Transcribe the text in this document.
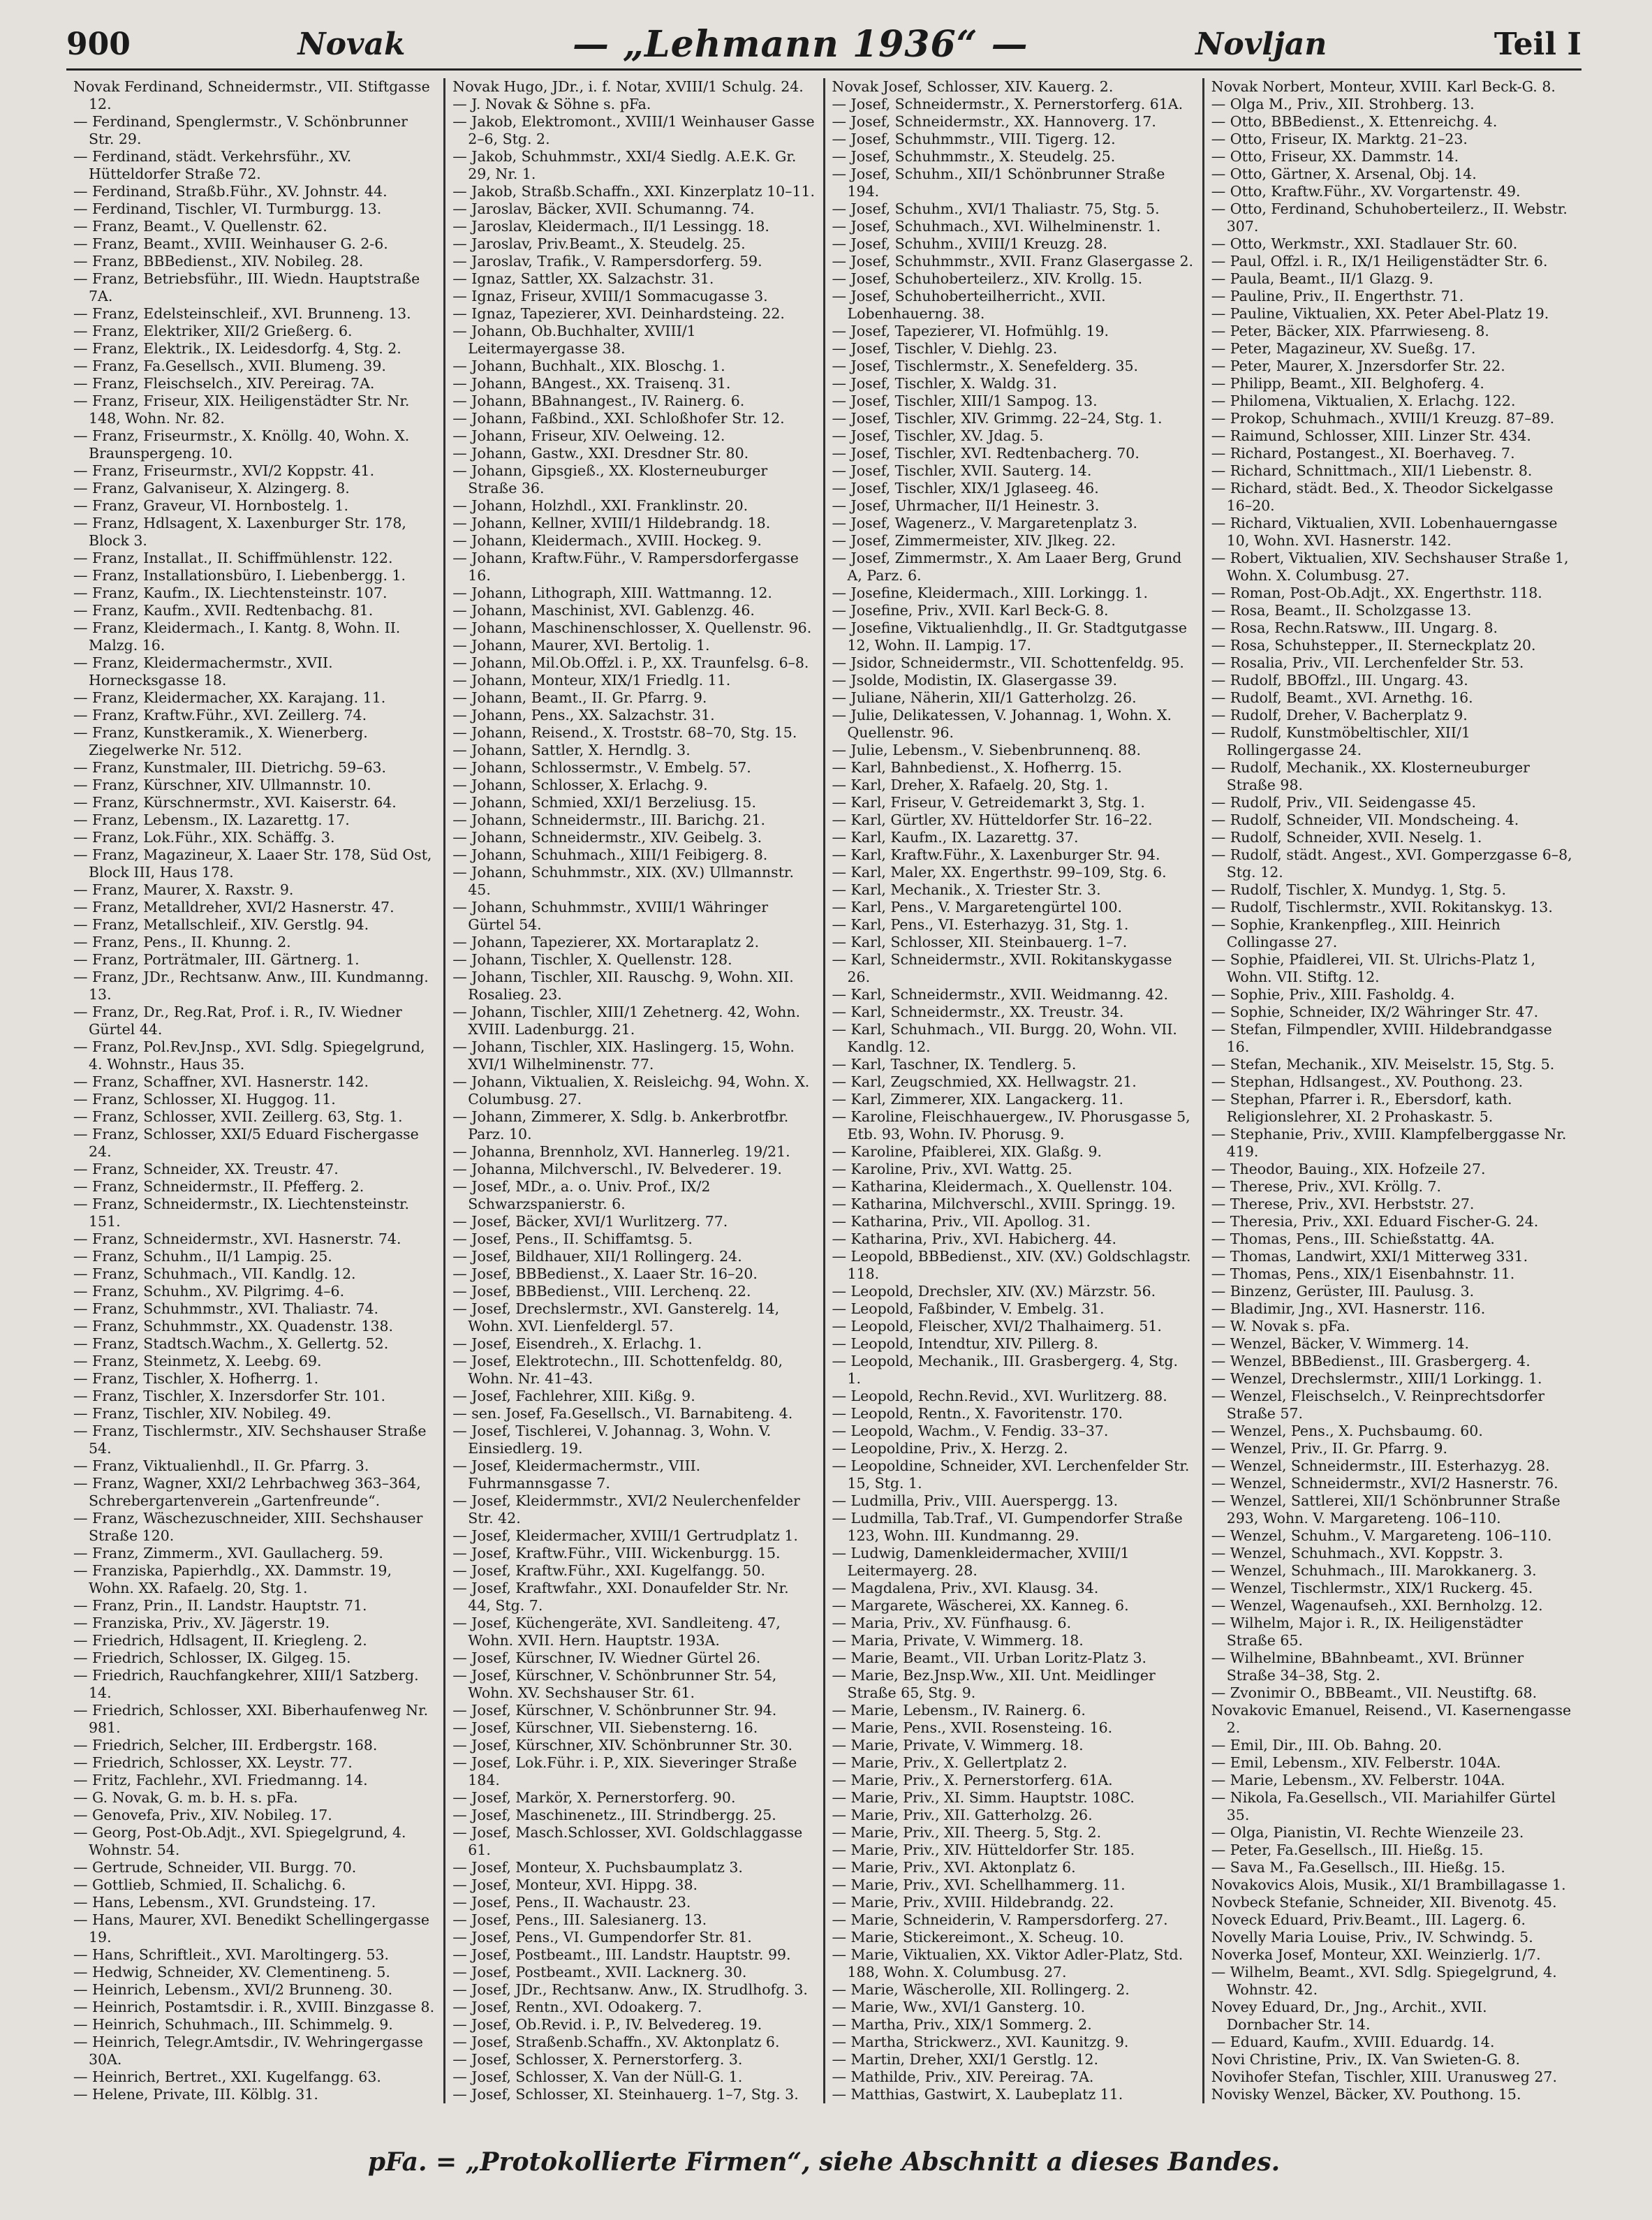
900	Novak	— „Lehmann 1936“ —	Novljan	Teil I
Novak Ferdinand, Schneidermstr., VII. Stiftgasse 12.
— Ferdinand, Spenglermstr., V. Schönbrunner Str. 29.
— Ferdinand, städt. Verkehrsführ., XV. Hütteldorfer Straße 72.
— Ferdinand, Straßb.Führ., XV. Johnstr. 44.
— Ferdinand, Tischler, VI. Turmburgg. 13.
— Franz, Beamt., V. Quellenstr. 62.
— Franz, Beamt., XVIII. Weinhauser G. 2-6.
— Franz, BBBedienst., XIV. Nobileg. 28.
— Franz, Betriebsführ., III. Wiedn. Hauptstraße 7A.
— Franz, Edelsteinschleif., XVI. Brunneng. 13.
— Franz, Elektriker, XII/2 Grießerg. 6.
— Franz, Elektrik., IX. Leidesdorfg. 4, Stg. 2.
— Franz, Fa.Gesellsch., XVII. Blumeng. 39.
— Franz, Fleischselch., XIV. Pereirag. 7A.
— Franz, Friseur, XIX. Heiligenstädter Str. Nr. 148, Wohn. Nr. 82.
— Franz, Friseurmstr., X. Knöllg. 40, Wohn. X. Braunspergeng. 10.
— Franz, Friseurmstr., XVI/2 Koppstr. 41.
— Franz, Galvaniseur, X. Alzingerg. 8.
— Franz, Graveur, VI. Hornbostelg. 1.
— Franz, Hdlsagent, X. Laxenburger Str. 178, Block 3.
— Franz, Installat., II. Schiffmühlenstr. 122.
— Franz, Installationsbüro, I. Liebenbergg. 1.
— Franz, Kaufm., IX. Liechtensteinstr. 107.
— Franz, Kaufm., XVII. Redtenbachg. 81.
— Franz, Kleidermach., I. Kantg. 8, Wohn. II. Malzg. 16.
— Franz, Kleidermachermstr., XVII. Hornecksgasse 18.
— Franz, Kleidermacher, XX. Karajang. 11.
— Franz, Kraftw.Führ., XVI. Zeillerg. 74.
— Franz, Kunstkeramik., X. Wienerberg. Ziegelwerke Nr. 512.
— Franz, Kunstmaler, III. Dietrichg. 59–63.
— Franz, Kürschner, XIV. Ullmannstr. 10.
— Franz, Kürschnermstr., XVI. Kaiserstr. 64.
— Franz, Lebensm., IX. Lazarettg. 17.
— Franz, Lok.Führ., XIX. Schäffg. 3.
— Franz, Magazineur, X. Laaer Str. 178, Süd Ost, Block III, Haus 178.
— Franz, Maurer, X. Raxstr. 9.
— Franz, Metalldreher, XVI/2 Hasnerstr. 47.
— Franz, Metallschleif., XIV. Gerstlg. 94.
— Franz, Pens., II. Khunng. 2.
— Franz, Porträtmaler, III. Gärtnerg. 1.
— Franz, JDr., Rechtsanw. Anw., III. Kundmanng. 13.
— Franz, Dr., Reg.Rat, Prof. i. R., IV. Wiedner Gürtel 44.
— Franz, Pol.Rev.Jnsp., XVI. Sdlg. Spiegelgrund, 4. Wohnstr., Haus 35.
— Franz, Schaffner, XVI. Hasnerstr. 142.
— Franz, Schlosser, XI. Huggog. 11.
— Franz, Schlosser, XVII. Zeillerg. 63, Stg. 1.
— Franz, Schlosser, XXI/5 Eduard Fischergasse 24.
— Franz, Schneider, XX. Treustr. 47.
— Franz, Schneidermstr., II. Pfefferg. 2.
— Franz, Schneidermstr., IX. Liechtensteinstr. 151.
— Franz, Schneidermstr., XVI. Hasnerstr. 74.
— Franz, Schuhm., II/1 Lampig. 25.
— Franz, Schuhmach., VII. Kandlg. 12.
— Franz, Schuhm., XV. Pilgrimg. 4–6.
— Franz, Schuhmmstr., XVI. Thaliastr. 74.
— Franz, Schuhmmstr., XX. Quadenstr. 138.
— Franz, Stadtsch.Wachm., X. Gellertg. 52.
— Franz, Steinmetz, X. Leebg. 69.
— Franz, Tischler, X. Hofherrg. 1.
— Franz, Tischler, X. Inzersdorfer Str. 101.
— Franz, Tischler, XIV. Nobileg. 49.
— Franz, Tischlermstr., XIV. Sechshauser Straße 54.
— Franz, Viktualienhdl., II. Gr. Pfarrg. 3.
— Franz, Wagner, XXI/2 Lehrbachweg 363–364, Schrebergartenverein „Gartenfreunde“.
— Franz, Wäschezuschneider, XIII. Sechshauser Straße 120.
— Franz, Zimmerm., XVI. Gaullacherg. 59.
— Franziska, Papierhdlg., XX. Dammstr. 19, Wohn. XX. Rafaelg. 20, Stg. 1.
— Franz, Prin., II. Landstr. Hauptstr. 71.
— Franziska, Priv., XV. Jägerstr. 19.
— Friedrich, Hdlsagent, II. Kriegleng. 2.
— Friedrich, Schlosser, IX. Gilgeg. 15.
— Friedrich, Rauchfangkehrer, XIII/1 Satzberg. 14.
— Friedrich, Schlosser, XXI. Biberhaufenweg Nr. 981.
— Friedrich, Selcher, III. Erdbergstr. 168.
— Friedrich, Schlosser, XX. Leystr. 77.
— Fritz, Fachlehr., XVI. Friedmanng. 14.
— G. Novak, G. m. b. H. s. pFa.
— Genovefa, Priv., XIV. Nobileg. 17.
— Georg, Post-Ob.Adjt., XVI. Spiegelgrund, 4. Wohnstr. 54.
— Gertrude, Schneider, VII. Burgg. 70.
— Gottlieb, Schmied, II. Schalichg. 6.
— Hans, Lebensm., XVI. Grundsteing. 17.
— Hans, Maurer, XVI. Benedikt Schellingergasse 19.
— Hans, Schriftleit., XVI. Maroltingerg. 53.
— Hedwig, Schneider, XV. Clementineng. 5.
— Heinrich, Lebensm., XVI/2 Brunneng. 30.
— Heinrich, Postamtsdir. i. R., XVIII. Binzgasse 8.
— Heinrich, Schuhmach., III. Schimmelg. 9.
— Heinrich, Telegr.Amtsdir., IV. Wehringergasse 30A.
— Heinrich, Bertret., XXI. Kugelfangg. 63.
— Helene, Private, III. Kölblg. 31.
Novak Hugo, JDr., i. f. Notar, XVIII/1 Schulg. 24.
— J. Novak & Söhne s. pFa.
— Jakob, Elektromont., XVIII/1 Weinhauser Gasse 2–6, Stg. 2.
— Jakob, Schuhmmstr., XXI/4 Siedlg. A.E.K. Gr. 29, Nr. 1.
— Jakob, Straßb.Schaffn., XXI. Kinzerplatz 10–11.
— Jaroslav, Bäcker, XVII. Schumanng. 74.
— Jaroslav, Kleidermach., II/1 Lessingg. 18.
— Jaroslav, Priv.Beamt., X. Steudelg. 25.
— Jaroslav, Trafik., V. Rampersdorferg. 59.
— Ignaz, Sattler, XX. Salzachstr. 31.
— Ignaz, Friseur, XVIII/1 Sommacugasse 3.
— Ignaz, Tapezierer, XVI. Deinhardsteing. 22.
— Johann, Ob.Buchhalter, XVIII/1 Leitermayergasse 38.
— Johann, Buchhalt., XIX. Bloschg. 1.
— Johann, BAngest., XX. Traisenq. 31.
— Johann, BBahnangest., IV. Rainerg. 6.
— Johann, Faßbind., XXI. Schloßhofer Str. 12.
— Johann, Friseur, XIV. Oelweing. 12.
— Johann, Gastw., XXI. Dresdner Str. 80.
— Johann, Gipsgieß., XX. Klosterneuburger Straße 36.
— Johann, Holzhdl., XXI. Franklinstr. 20.
— Johann, Kellner, XVIII/1 Hildebrandg. 18.
— Johann, Kleidermach., XVIII. Hockeg. 9.
— Johann, Kraftw.Führ., V. Rampersdorfergasse 16.
— Johann, Lithograph, XIII. Wattmanng. 12.
— Johann, Maschinist, XVI. Gablenzg. 46.
— Johann, Maschinenschlosser, X. Quellenstr. 96.
— Johann, Maurer, XVI. Bertolig. 1.
— Johann, Mil.Ob.Offzl. i. P., XX. Traunfelsg. 6–8.
— Johann, Monteur, XIX/1 Friedlg. 11.
— Johann, Beamt., II. Gr. Pfarrg. 9.
— Johann, Pens., XX. Salzachstr. 31.
— Johann, Reisend., X. Troststr. 68–70, Stg. 15.
— Johann, Sattler, X. Herndlg. 3.
— Johann, Schlossermstr., V. Embelg. 57.
— Johann, Schlosser, X. Erlachg. 9.
— Johann, Schmied, XXI/1 Berzeliusg. 15.
— Johann, Schneidermstr., III. Barichg. 21.
— Johann, Schneidermstr., XIV. Geibelg. 3.
— Johann, Schuhmach., XIII/1 Feibigerg. 8.
— Johann, Schuhmmstr., XIX. (XV.) Ullmannstr. 45.
— Johann, Schuhmmstr., XVIII/1 Währinger Gürtel 54.
— Johann, Tapezierer, XX. Mortaraplatz 2.
— Johann, Tischler, X. Quellenstr. 128.
— Johann, Tischler, XII. Rauschg. 9, Wohn. XII. Rosalieg. 23.
— Johann, Tischler, XIII/1 Zehetnerg. 42, Wohn. XVIII. Ladenburgg. 21.
— Johann, Tischler, XIX. Haslingerg. 15, Wohn. XVI/1 Wilhelminenstr. 77.
— Johann, Viktualien, X. Reisleichg. 94, Wohn. X. Columbusg. 27.
— Johann, Zimmerer, X. Sdlg. b. Ankerbrotfbr. Parz. 10.
— Johanna, Brennholz, XVI. Hannerleg. 19/21.
— Johanna, Milchverschl., IV. Belvederег. 19.
— Josef, MDr., a. o. Univ. Prof., IX/2 Schwarzspanierstr. 6.
— Josef, Bäcker, XVI/1 Wurlitzerg. 77.
— Josef, Pens., II. Schiffamtsg. 5.
— Josef, Bildhauer, XII/1 Rollingerg. 24.
— Josef, BBBedienst., X. Laaer Str. 16–20.
— Josef, BBBedienst., VIII. Lerchenq. 22.
— Josef, Drechslermstr., XVI. Gansterelg. 14, Wohn. XVI. Lienfeldergl. 57.
— Josef, Eisendreh., X. Erlachg. 1.
— Josef, Elektrotechn., III. Schottenfeldg. 80, Wohn. Nr. 41–43.
— Josef, Fachlehrer, XIII. Kißg. 9.
— sen. Josef, Fa.Gesellsch., VI. Barnabiteng. 4.
— Josef, Tischlerei, V. Johannag. 3, Wohn. V. Einsiedlerg. 19.
— Josef, Kleidermachermstr., VIII. Fuhrmannsgasse 7.
— Josef, Kleidermmstr., XVI/2 Neulerchenfelder Str. 42.
— Josef, Kleidermacher, XVIII/1 Gertrudplatz 1.
— Josef, Kraftw.Führ., VIII. Wickenburgg. 15.
— Josef, Kraftw.Führ., XXI. Kugelfangg. 50.
— Josef, Kraftwfahr., XXI. Donaufelder Str. Nr. 44, Stg. 7.
— Josef, Küchengeräte, XVI. Sandleiteng. 47, Wohn. XVII. Hern. Hauptstr. 193A.
— Josef, Kürschner, IV. Wiedner Gürtel 26.
— Josef, Kürschner, V. Schönbrunner Str. 54, Wohn. XV. Sechshauser Str. 61.
— Josef, Kürschner, V. Schönbrunner Str. 94.
— Josef, Kürschner, VII. Siebensterng. 16.
— Josef, Kürschner, XIV. Schönbrunner Str. 30.
— Josef, Lok.Führ. i. P., XIX. Sieveringer Straße 184.
— Josef, Markör, X. Pernerstorferg. 90.
— Josef, Maschinenetz., III. Strindbergg. 25.
— Josef, Masch.Schlosser, XVI. Goldschlaggasse 61.
— Josef, Monteur, X. Puchsbaumplatz 3.
— Josef, Monteur, XVI. Hippg. 38.
— Josef, Pens., II. Wachaustr. 23.
— Josef, Pens., III. Salesianerg. 13.
— Josef, Pens., VI. Gumpendorfer Str. 81.
— Josef, Postbeamt., III. Landstr. Hauptstr. 99.
— Josef, Postbeamt., XVII. Lacknerg. 30.
— Josef, JDr., Rechtsanw. Anw., IX. Strudlhofg. 3.
— Josef, Rentn., XVI. Odoakerg. 7.
— Josef, Ob.Revid. i. P., IV. Belvedereg. 19.
— Josef, Straßenb.Schaffn., XV. Aktonplatz 6.
— Josef, Schlosser, X. Pernerstorferg. 3.
— Josef, Schlosser, X. Van der Nüll-G. 1.
— Josef, Schlosser, XI. Steinhauerg. 1–7, Stg. 3.
Novak Josef, Schlosser, XIV. Kauerg. 2.
— Josef, Schneidermstr., X. Pernerstorferg. 61A.
— Josef, Schneidermstr., XX. Hannoverg. 17.
— Josef, Schuhmmstr., VIII. Tigerg. 12.
— Josef, Schuhmmstr., X. Steudelg. 25.
— Josef, Schuhm., XII/1 Schönbrunner Straße 194.
— Josef, Schuhm., XVI/1 Thaliastr. 75, Stg. 5.
— Josef, Schuhmach., XVI. Wilhelminenstr. 1.
— Josef, Schuhm., XVIII/1 Kreuzg. 28.
— Josef, Schuhmmstr., XVII. Franz Glasergasse 2.
— Josef, Schuhoberteilerz., XIV. Krollg. 15.
— Josef, Schuhoberteilherricht., XVII. Lobenhauerng. 38.
— Josef, Tapezierer, VI. Hofmühlg. 19.
— Josef, Tischler, V. Diehlg. 23.
— Josef, Tischlermstr., X. Senefelderg. 35.
— Josef, Tischler, X. Waldg. 31.
— Josef, Tischler, XIII/1 Sampog. 13.
— Josef, Tischler, XIV. Grimmg. 22–24, Stg. 1.
— Josef, Tischler, XV. Jdag. 5.
— Josef, Tischler, XVI. Redtenbacherg. 70.
— Josef, Tischler, XVII. Sauterg. 14.
— Josef, Tischler, XIX/1 Jglaseeg. 46.
— Josef, Uhrmacher, II/1 Heinestr. 3.
— Josef, Wagenerz., V. Margaretenplatz 3.
— Josef, Zimmermeister, XIV. Jlkeg. 22.
— Josef, Zimmermstr., X. Am Laaer Berg, Grund A, Parz. 6.
— Josefine, Kleidermach., XIII. Lorkingg. 1.
— Josefine, Priv., XVII. Karl Beck-G. 8.
— Josefine, Viktualienhdlg., II. Gr. Stadtgutgasse 12, Wohn. II. Lampig. 17.
— Jsidor, Schneidermstr., VII. Schottenfeldg. 95.
— Jsolde, Modistin, IX. Glasergasse 39.
— Juliane, Näherin, XII/1 Gatterholzg. 26.
— Julie, Delikatessen, V. Johannag. 1, Wohn. X. Quellenstr. 96.
— Julie, Lebensm., V. Siebenbrunnenq. 88.
— Karl, Bahnbedienst., X. Hofherrg. 15.
— Karl, Dreher, X. Rafaelg. 20, Stg. 1.
— Karl, Friseur, V. Getreidemarkt 3, Stg. 1.
— Karl, Gürtler, XV. Hütteldorfer Str. 16–22.
— Karl, Kaufm., IX. Lazarettg. 37.
— Karl, Kraftw.Führ., X. Laxenburger Str. 94.
— Karl, Maler, XX. Engerthstr. 99–109, Stg. 6.
— Karl, Mechanik., X. Triester Str. 3.
— Karl, Pens., V. Margaretengürtel 100.
— Karl, Pens., VI. Esterhazyg. 31, Stg. 1.
— Karl, Schlosser, XII. Steinbauerg. 1–7.
— Karl, Schneidermstr., XVII. Rokitanskygasse 26.
— Karl, Schneidermstr., XVII. Weidmanng. 42.
— Karl, Schneidermstr., XX. Treustr. 34.
— Karl, Schuhmach., VII. Burgg. 20, Wohn. VII. Kandlg. 12.
— Karl, Taschner, IX. Tendlerg. 5.
— Karl, Zeugschmied, XX. Hellwagstr. 21.
— Karl, Zimmerer, XIX. Langackerg. 11.
— Karoline, Fleischhauergew., IV. Phorusgasse 5, Etb. 93, Wohn. IV. Phorusg. 9.
— Karoline, Pfaiblerei, XIX. Glaßg. 9.
— Karoline, Priv., XVI. Wattg. 25.
— Katharina, Kleidermach., X. Quellenstr. 104.
— Katharina, Milchverschl., XVIII. Springg. 19.
— Katharina, Priv., VII. Apollog. 31.
— Katharina, Priv., XVI. Habicherg. 44.
— Leopold, BBBedienst., XIV. (XV.) Goldschlagstr. 118.
— Leopold, Drechsler, XIV. (XV.) Märzstr. 56.
— Leopold, Faßbinder, V. Embelg. 31.
— Leopold, Fleischer, XVI/2 Thalhaimerg. 51.
— Leopold, Intendtur, XIV. Pillerg. 8.
— Leopold, Mechanik., III. Grasbergerg. 4, Stg. 1.
— Leopold, Rechn.Revid., XVI. Wurlitzerg. 88.
— Leopold, Rentn., X. Favoritenstr. 170.
— Leopold, Wachm., V. Fendig. 33–37.
— Leopoldine, Priv., X. Herzg. 2.
— Leopoldine, Schneider, XVI. Lerchenfelder Str. 15, Stg. 1.
— Ludmilla, Priv., VIII. Auerspergg. 13.
— Ludmilla, Tab.Traf., VI. Gumpendorfer Straße 123, Wohn. III. Kundmanng. 29.
— Ludwig, Damenkleidermacher, XVIII/1 Leitermayerg. 28.
— Magdalena, Priv., XVI. Klausg. 34.
— Margarete, Wäscherei, XX. Kanneg. 6.
— Maria, Priv., XV. Fünfhausg. 6.
— Maria, Private, V. Wimmerg. 18.
— Marie, Beamt., VII. Urban Loritz-Platz 3.
— Marie, Bez.Jnsp.Ww., XII. Unt. Meidlinger Straße 65, Stg. 9.
— Marie, Lebensm., IV. Rainerg. 6.
— Marie, Pens., XVII. Rosensteing. 16.
— Marie, Private, V. Wimmerg. 18.
— Marie, Priv., X. Gellertplatz 2.
— Marie, Priv., X. Pernerstorferg. 61A.
— Marie, Priv., XI. Simm. Hauptstr. 108C.
— Marie, Priv., XII. Gatterholzg. 26.
— Marie, Priv., XII. Theerg. 5, Stg. 2.
— Marie, Priv., XIV. Hütteldorfer Str. 185.
— Marie, Priv., XVI. Aktonplatz 6.
— Marie, Priv., XVI. Schellhammerg. 11.
— Marie, Priv., XVIII. Hildebrandg. 22.
— Marie, Schneiderin, V. Rampersdorferg. 27.
— Marie, Stickereimont., X. Scheug. 10.
— Marie, Viktualien, XX. Viktor Adler-Platz, Std. 188, Wohn. X. Columbusg. 27.
— Marie, Wäscherolle, XII. Rollingerg. 2.
— Marie, Ww., XVI/1 Gansterg. 10.
— Martha, Priv., XIX/1 Sommerg. 2.
— Martha, Strickwerz., XVI. Kaunitzg. 9.
— Martin, Dreher, XXI/1 Gerstlg. 12.
— Mathilde, Priv., XIV. Pereirag. 7A.
— Matthias, Gastwirt, X. Laubeplatz 11.
Novak Norbert, Monteur, XVIII. Karl Beck-G. 8.
— Olga M., Priv., XII. Strohberg. 13.
— Otto, BBBedienst., X. Ettenreichg. 4.
— Otto, Friseur, IX. Marktg. 21–23.
— Otto, Friseur, XX. Dammstr. 14.
— Otto, Gärtner, X. Arsenal, Obj. 14.
— Otto, Kraftw.Führ., XV. Vorgartenstr. 49.
— Otto, Ferdinand, Schuhoberteilerz., II. Webstr. 307.
— Otto, Werkmstr., XXI. Stadlauer Str. 60.
— Paul, Offzl. i. R., IX/1 Heiligenstädter Str. 6.
— Paula, Beamt., II/1 Glazg. 9.
— Pauline, Priv., II. Engerthstr. 71.
— Pauline, Viktualien, XX. Peter Abel-Platz 19.
— Peter, Bäcker, XIX. Pfarrwieseng. 8.
— Peter, Magazineur, XV. Sueßg. 17.
— Peter, Maurer, X. Jnzersdorfer Str. 22.
— Philipp, Beamt., XII. Belghoferg. 4.
— Philomena, Viktualien, X. Erlachg. 122.
— Prokop, Schuhmach., XVIII/1 Kreuzg. 87–89.
— Raimund, Schlosser, XIII. Linzer Str. 434.
— Richard, Postangest., XI. Boerhaveg. 7.
— Richard, Schnittmach., XII/1 Liebenstr. 8.
— Richard, städt. Bed., X. Theodor Sickelgasse 16–20.
— Richard, Viktualien, XVII. Lobenhauerngasse 10, Wohn. XVI. Hasnerstr. 142.
— Robert, Viktualien, XIV. Sechshauser Straße 1, Wohn. X. Columbusg. 27.
— Roman, Post-Ob.Adjt., XX. Engerthstr. 118.
— Rosa, Beamt., II. Scholzgasse 13.
— Rosa, Rechn.Ratsww., III. Ungarg. 8.
— Rosa, Schuhstepper., II. Sterneckplatz 20.
— Rosalia, Priv., VII. Lerchenfelder Str. 53.
— Rudolf, BBOffzl., III. Ungarg. 43.
— Rudolf, Beamt., XVI. Arnethg. 16.
— Rudolf, Dreher, V. Bacherplatz 9.
— Rudolf, Kunstmöbeltischler, XII/1 Rollingergasse 24.
— Rudolf, Mechanik., XX. Klosterneuburger Straße 98.
— Rudolf, Priv., VII. Seidengasse 45.
— Rudolf, Schneider, VII. Mondscheing. 4.
— Rudolf, Schneider, XVII. Neselg. 1.
— Rudolf, städt. Angest., XVI. Gomperzgasse 6–8, Stg. 12.
— Rudolf, Tischler, X. Mundyg. 1, Stg. 5.
— Rudolf, Tischlermstr., XVII. Rokitanskyg. 13.
— Sophie, Krankenpfleg., XIII. Heinrich Collingasse 27.
— Sophie, Pfaidlerei, VII. St. Ulrichs-Platz 1, Wohn. VII. Stiftg. 12.
— Sophie, Priv., XIII. Fasholdg. 4.
— Sophie, Schneider, IX/2 Währinger Str. 47.
— Stefan, Filmpendler, XVIII. Hildebrandgasse 16.
— Stefan, Mechanik., XIV. Meiselstr. 15, Stg. 5.
— Stephan, Hdlsangest., XV. Pouthong. 23.
— Stephan, Pfarrer i. R., Ebersdorf, kath. Religionslehrer, XI. 2 Prohaskastr. 5.
— Stephanie, Priv., XVIII. Klampfelberggasse Nr. 419.
— Theodor, Bauing., XIX. Hofzeile 27.
— Therese, Priv., XVI. Kröllg. 7.
— Therese, Priv., XVI. Herbststr. 27.
— Theresia, Priv., XXI. Eduard Fischer-G. 24.
— Thomas, Pens., III. Schießstattg. 4A.
— Thomas, Landwirt, XXI/1 Mitterweg 331.
— Thomas, Pens., XIX/1 Eisenbahnstr. 11.
— Binzenz, Gerüster, III. Paulusg. 3.
— Bladimir, Jng., XVI. Hasnerstr. 116.
— W. Novak s. pFa.
— Wenzel, Bäcker, V. Wimmerg. 14.
— Wenzel, BBBedienst., III. Grasbergerg. 4.
— Wenzel, Drechslermstr., XIII/1 Lorkingg. 1.
— Wenzel, Fleischselch., V. Reinprechtsdorfer Straße 57.
— Wenzel, Pens., X. Puchsbaumg. 60.
— Wenzel, Priv., II. Gr. Pfarrg. 9.
— Wenzel, Schneidermstr., III. Esterhazyg. 28.
— Wenzel, Schneidermstr., XVI/2 Hasnerstr. 76.
— Wenzel, Sattlerei, XII/1 Schönbrunner Straße 293, Wohn. V. Margareteng. 106–110.
— Wenzel, Schuhm., V. Margareteng. 106–110.
— Wenzel, Schuhmach., XVI. Koppstr. 3.
— Wenzel, Schuhmach., III. Marokkanerg. 3.
— Wenzel, Tischlermstr., XIX/1 Ruckerg. 45.
— Wenzel, Wagenaufseh., XXI. Bernholzg. 12.
— Wilhelm, Major i. R., IX. Heiligenstädter Straße 65.
— Wilhelmine, BBahnbeamt., XVI. Brünner Straße 34–38, Stg. 2.
— Zvonimir O., BBBeamt., VII. Neustiftg. 68.
Novakovic Emanuel, Reisend., VI. Kasernengasse 2.
— Emil, Dir., III. Ob. Bahng. 20.
— Emil, Lebensm., XIV. Felberstr. 104A.
— Marie, Lebensm., XV. Felberstr. 104A.
— Nikola, Fa.Gesellsch., VII. Mariahilfer Gürtel 35.
— Olga, Pianistin, VI. Rechte Wienzeile 23.
— Peter, Fa.Gesellsch., III. Hießg. 15.
— Sava M., Fa.Gesellsch., III. Hießg. 15.
Novakovics Alois, Musik., XI/1 Brambillagasse 1.
Novbeck Stefanie, Schneider, XII. Bivenotg. 45.
Noveck Eduard, Priv.Beamt., III. Lagerg. 6.
Novelly Maria Louise, Priv., IV. Schwindg. 5.
Noverka Josef, Monteur, XXI. Weinzierlg. 1/7.
— Wilhelm, Beamt., XVI. Sdlg. Spiegelgrund, 4. Wohnstr. 42.
Novey Eduard, Dr., Jng., Archit., XVII. Dornbacher Str. 14.
— Eduard, Kaufm., XVIII. Eduardg. 14.
Novi Christine, Priv., IX. Van Swieten-G. 8.
Novihofer Stefan, Tischler, XIII. Uranusweg 27.
Novisky Wenzel, Bäcker, XV. Pouthong. 15.
pFa. = „Protokollierte Firmen“, siehe Abschnitt a dieses Bandes.
